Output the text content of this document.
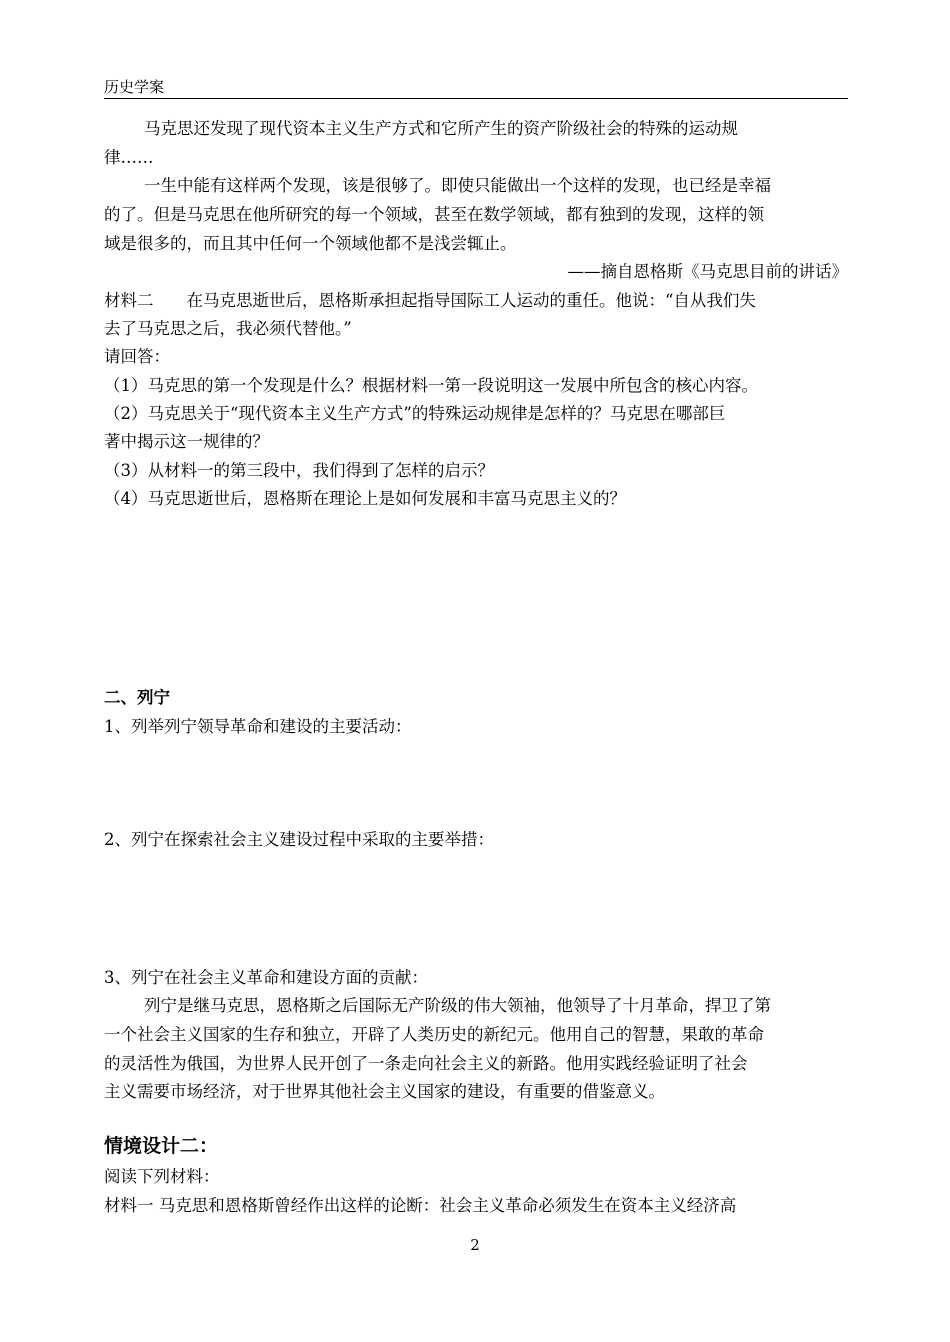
历史学案
马克思还发现了现代资本主义生产方式和它所产生的资产阶级社会的特殊的运动规
律……
一生中能有这样两个发现，该是很够了。即使只能做出一个这样的发现，也已经是幸福
的了。但是马克思在他所研究的每一个领域，甚至在数学领域，都有独到的发现，这样的领
域是很多的，而且其中任何一个领域他都不是浅尝辄止。
——摘自恩格斯《马克思目前的讲话》
材料二　　在马克思逝世后，恩格斯承担起指导国际工人运动的重任。他说：“自从我们失
去了马克思之后，我必须代替他。”
请回答：
（1）马克思的第一个发现是什么？根据材料一第一段说明这一发展中所包含的核心内容。
（2）马克思关于“现代资本主义生产方式”的特殊运动规律是怎样的？马克思在哪部巨
著中揭示这一规律的？
（3）从材料一的第三段中，我们得到了怎样的启示？
（4）马克思逝世后，恩格斯在理论上是如何发展和丰富马克思主义的？
二、列宁
1、列举列宁领导革命和建设的主要活动：
2、列宁在探索社会主义建设过程中采取的主要举措：
3、列宁在社会主义革命和建设方面的贡献：
列宁是继马克思，恩格斯之后国际无产阶级的伟大领袖，他领导了十月革命，捍卫了第
一个社会主义国家的生存和独立，开辟了人类历史的新纪元。他用自己的智慧，果敢的革命
的灵活性为俄国，为世界人民开创了一条走向社会主义的新路。他用实践经验证明了社会
主义需要市场经济，对于世界其他社会主义国家的建设，有重要的借鉴意义。
情境设计二：
阅读下列材料：
材料一 马克思和恩格斯曾经作出这样的论断：社会主义革命必须发生在资本主义经济高
2
